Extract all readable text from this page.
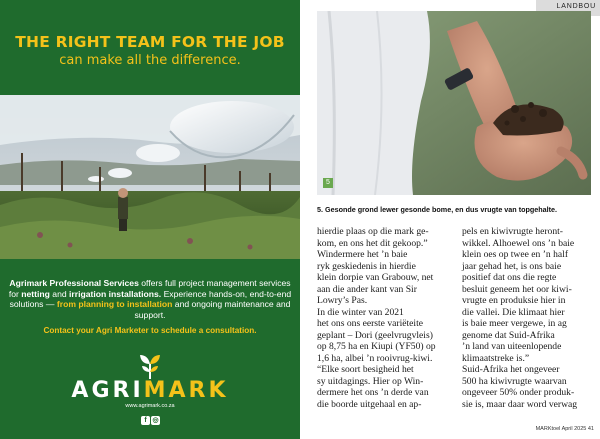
THE RIGHT TEAM FOR THE JOB
can make all the difference.
Agrimark Professional Services offers full project management services for netting and irrigation installations. Experience hands-on, end-to-end solutions — from planning to installation and ongoing maintenance and support.
Contact your Agri Marketer to schedule a consultation.
AGRIMARK
www.agrimark.co.za
f ◎
LANDBOU
5
5. Gesonde grond lewer gesonde bome, en dus vrugte van topgehalte.
hierdie plaas op die mark ge-
kom, en ons het dit gekoop.”
Windermere het ’n baie
ryk geskiedenis in hierdie
klein dorpie van Grabouw, net
aan die ander kant van Sir
Lowry’s Pas.
In die winter van 2021
het ons ons eerste variëteite
geplant – Dori (geelvrugvleis)
op 8,75 ha en Kiupi (YF50) op
1,6 ha, albei ’n rooivrug-kiwi.
“Elke soort besigheid het
sy uitdagings. Hier op Win-
dermere het ons ’n derde van
die boorde uitgehaal en ap-
pels en kiwivrugte heront-
wikkel. Alhoewel ons ’n baie
klein oes op twee en ’n half
jaar gehad het, is ons baie
positief dat ons die regte
besluit geneem het oor kiwi-
vrugte en produksie hier in
die vallei. Die klimaat hier
is baie meer vergewe, in ag
genome dat Suid-Afrika
’n land van uiteenlopende
klimaatstreke is.”
Suid-Afrika het ongeveer
500 ha kiwivrugte waarvan
ongeveer 50% onder produk-
sie is, maar daar word verwag
MARKtoel April 2025 41
